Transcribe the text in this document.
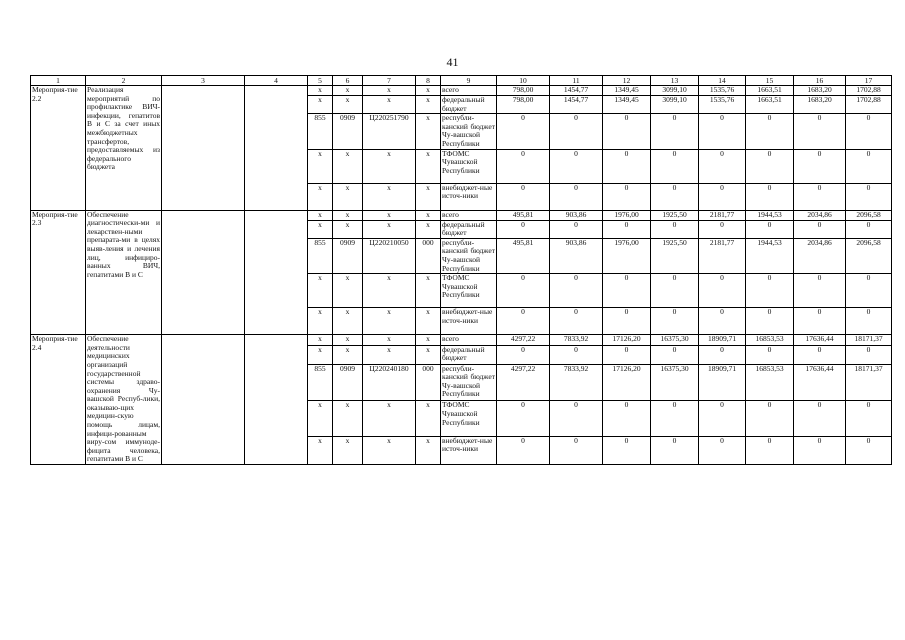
41
1	2	3	4	5	6	7	8	9	10	11	12	13	14	15	16	17
Мероприя-тие 2.2	Реализация мероприятий по профилактике ВИЧ-инфекции, гепатитов В и С за счет иных межбюджетных трансфертов, предоставляемых из федерального бюджета			x	x	x	x	всего	798,00	1454,77	1349,45	3099,10	1535,76	1663,51	1683,20	1702,88
				x	x	x	x	федеральный бюджет	798,00	1454,77	1349,45	3099,10	1535,76	1663,51	1683,20	1702,88
				855	0909	Ц220251790	x	республи-канский бюджет Чу-вашской Республики	0	0	0	0	0	0	0	0
				x	x	x	x	ТФОМС Чувашской Республики	0	0	0	0	0	0	0	0
				x	x	x	x	внебюджет-ные источ-ники	0	0	0	0	0	0	0	0
Мероприя-тие 2.3	Обеспечение диагностически-ми и лекарствен-ными препарата-ми в целях выяв-ления и лечения лиц, инфициро-ванных ВИЧ, гепатитами В и С			x	x	x	x	всего	495,81	903,86	1976,00	1925,50	2181,77	1944,53	2034,86	2096,58
				x	x	x	x	федеральный бюджет	0	0	0	0	0	0	0	0
				855	0909	Ц220210050	000	республи-канский бюджет Чу-вашской Республики	495,81	903,86	1976,00	1925,50	2181,77	1944,53	2034,86	2096,58
				x	x	x	x	ТФОМС Чувашской Республики	0	0	0	0	0	0	0	0
				x	x	x	x	внебюджет-ные источ-ники	0	0	0	0	0	0	0	0
Мероприя-тие 2.4	Обеспечение деятельности медицинских организаций государственной системы здраво-охранения Чу-вашской Респуб-лики, оказываю-щих медицин-скую помощь лицам, инфици-рованным виру-сом иммуноде-фицита человека, гепатитами В и С			x	x	x	x	всего	4297,22	7833,92	17126,20	16375,30	18909,71	16853,53	17636,44	18171,37
				x	x	x	x	федеральный бюджет	0	0	0	0	0	0	0	0
				855	0909	Ц220240180	000	республи-канский бюджет Чу-вашской Республики	4297,22	7833,92	17126,20	16375,30	18909,71	16853,53	17636,44	18171,37
				x	x	x	x	ТФОМС Чувашской Республики	0	0	0	0	0	0	0	0
				x	x	x	x	внебюджет-ные источ-ники	0	0	0	0	0	0	0	0
